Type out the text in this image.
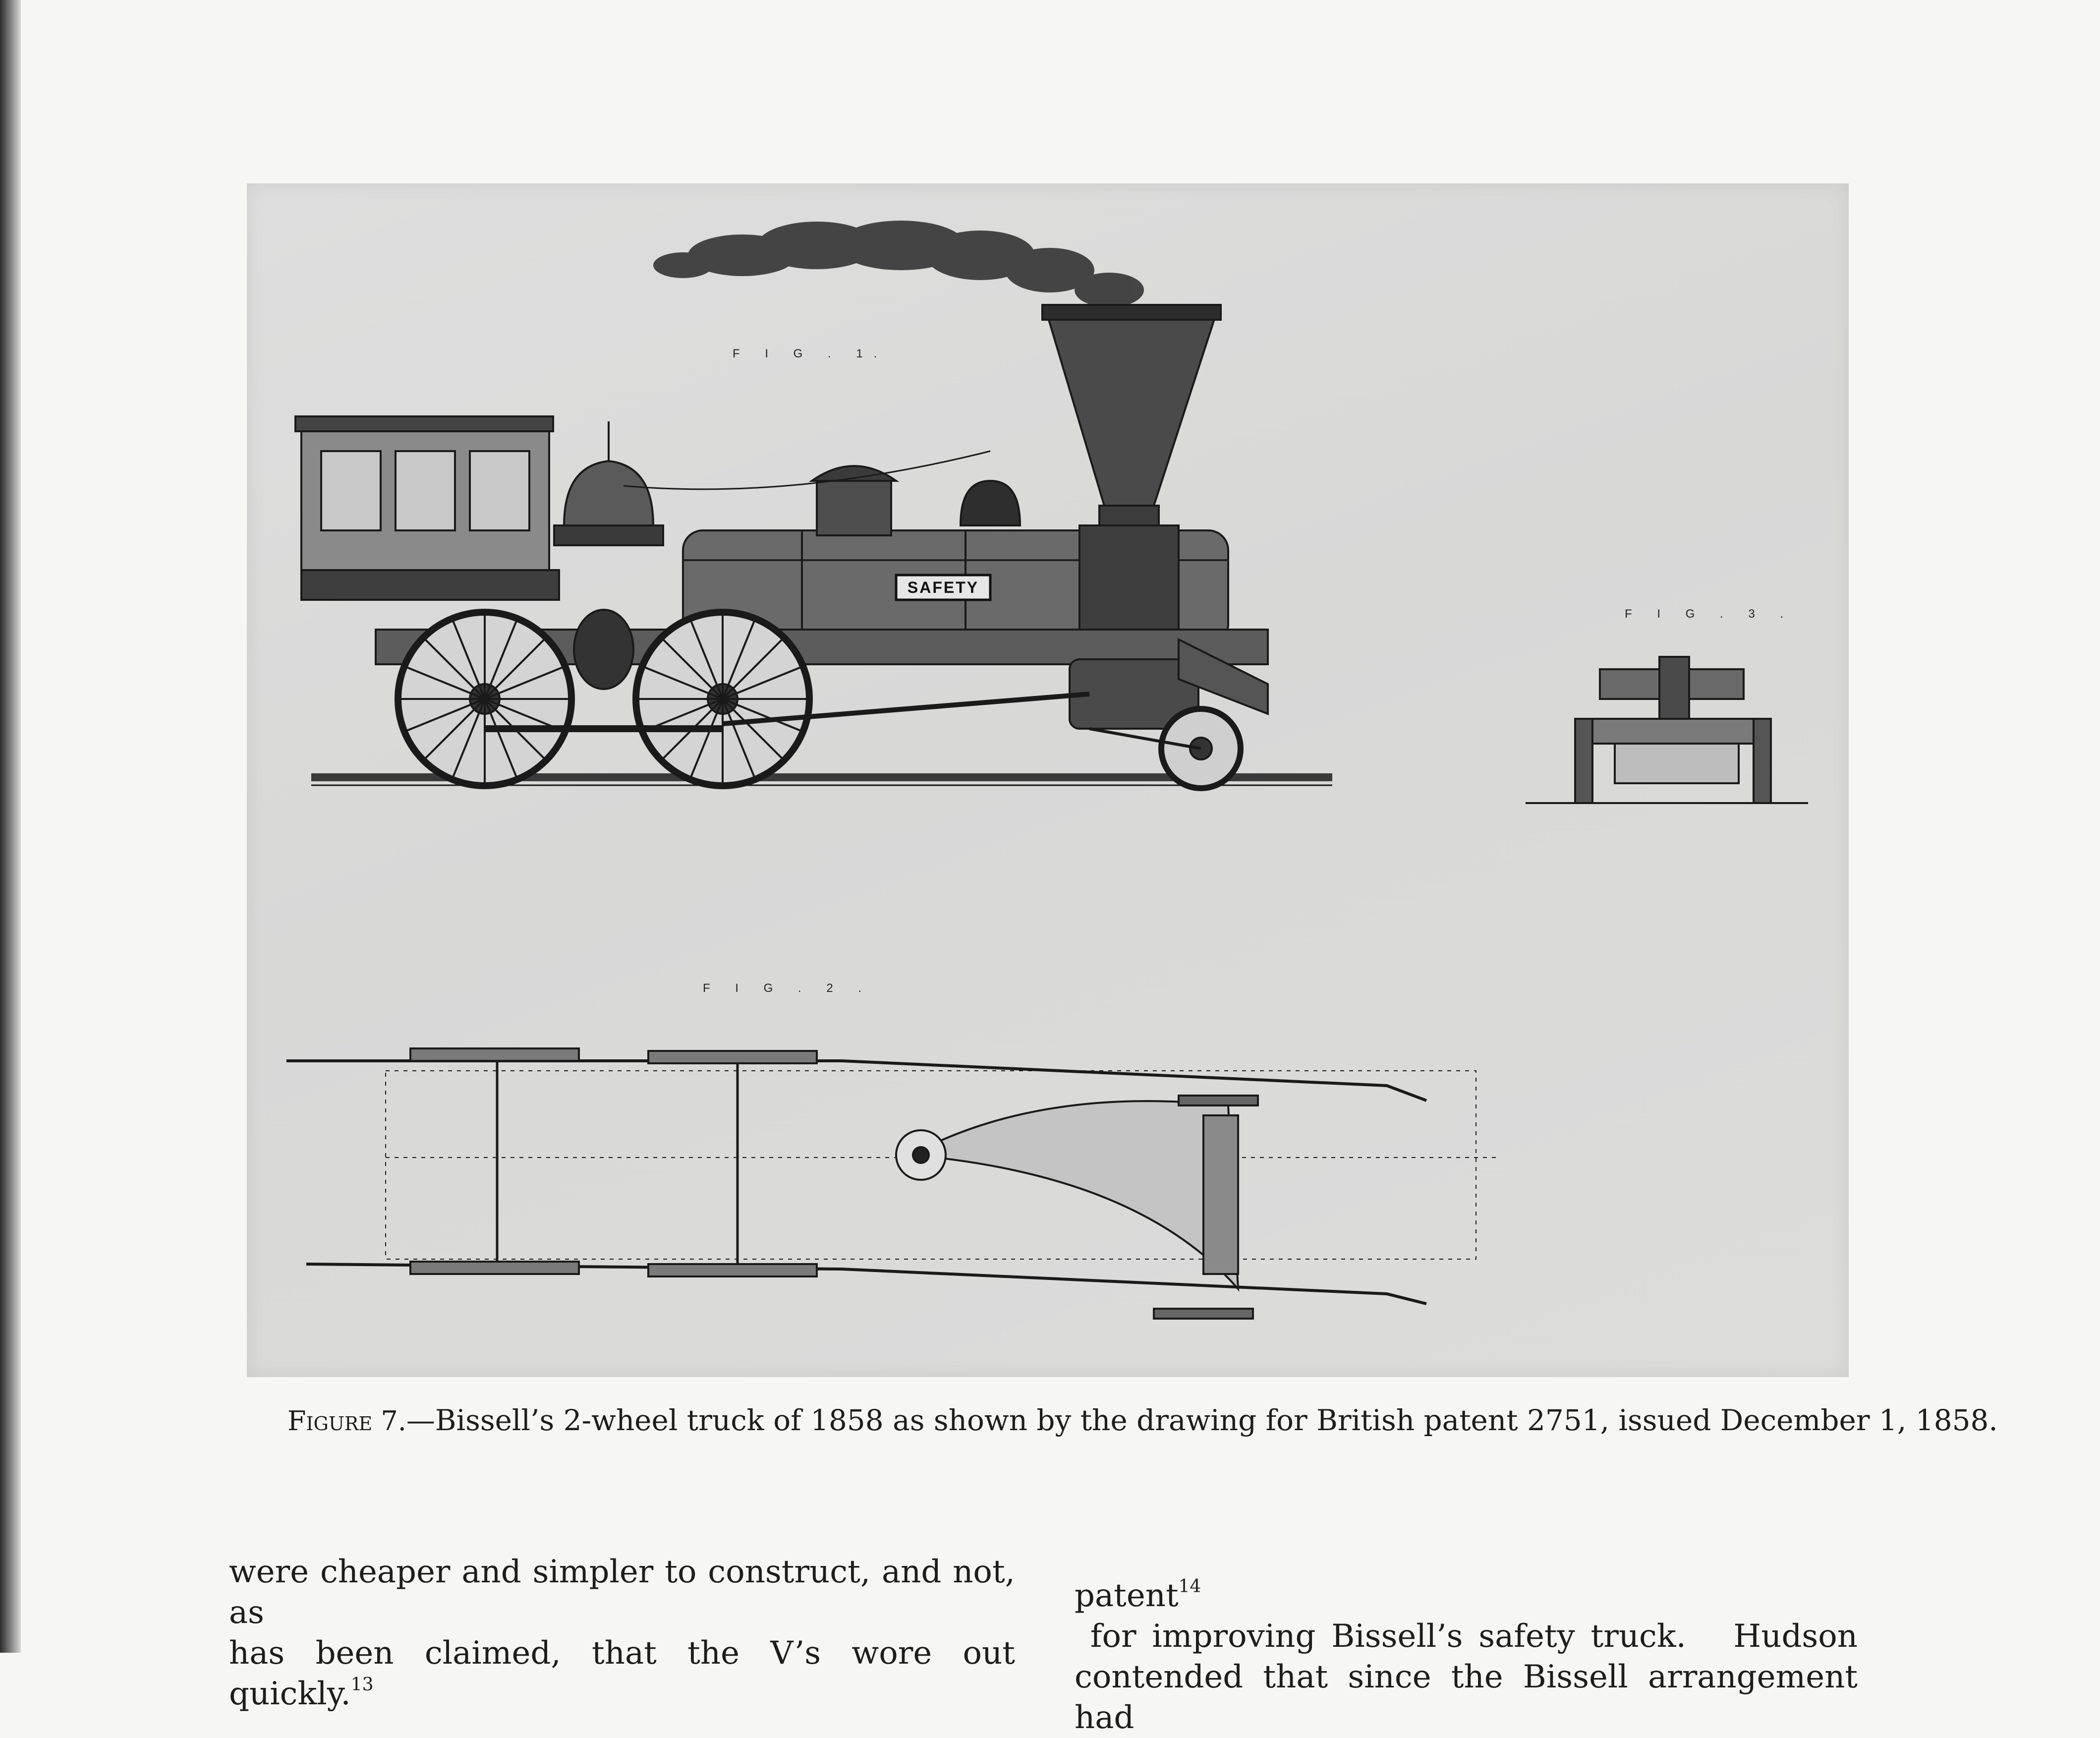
SAFETY
F I G . 1.
F I G . 3 .
F I G . 2 .
Figure 7.—Bissell’s 2-wheel truck of 1858 as shown by the drawing for British patent 2751, issued December 1, 1858.

were cheaper and simpler to construct, and not, as

has been claimed, that the V’s wore out quickly.$^{13}$

patent$^{14}$ for improving Bissell’s safety truck.   Hudson

contended that since the Bissell arrangement had
